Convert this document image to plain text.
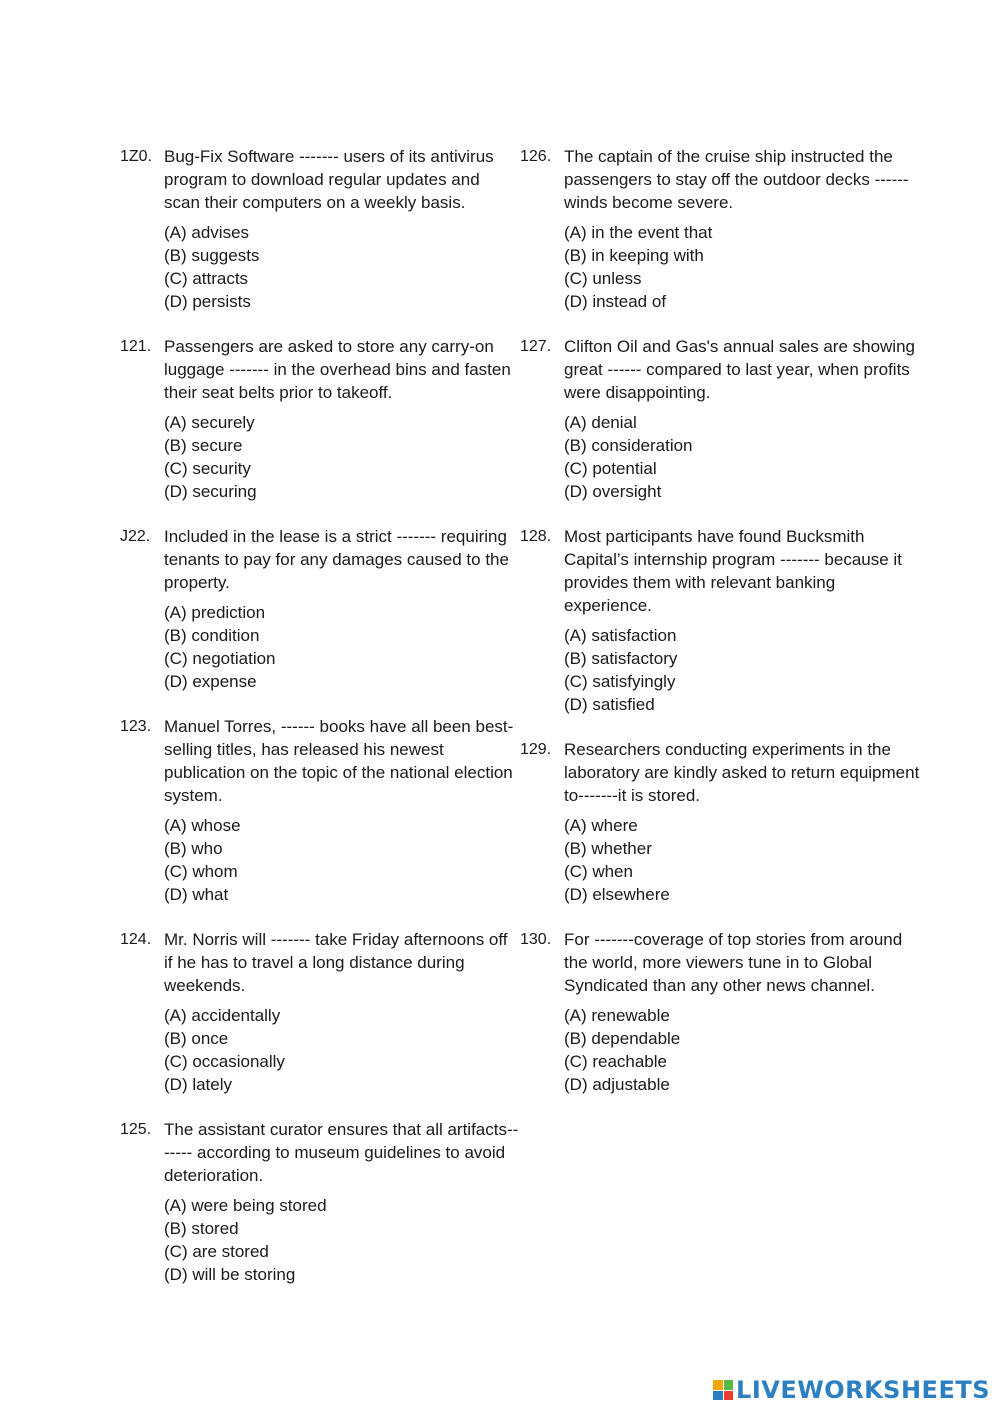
1Z0. Bug-Fix Software ------- users of its antivirus program to download regular updates and scan their computers on a weekly basis.
(A) advises
(B) suggests
(C) attracts
(D) persists
121. Passengers are asked to store any carry-on luggage ------- in the overhead bins and fasten their seat belts prior to takeoff.
(A) securely
(B) secure
(C) security
(D) securing
J22. Included in the lease is a strict ------- requiring tenants to pay for any damages caused to the property.
(A) prediction
(B) condition
(C) negotiation
(D) expense
123. Manuel Torres, ------ books have all been best-selling titles, has released his newest publication on the topic of the national election system.
(A) whose
(B) who
(C) whom
(D) what
124. Mr. Norris will ------- take Friday afternoons off if he has to travel a long distance during weekends.
(A) accidentally
(B) once
(C) occasionally
(D) lately
125. The assistant curator ensures that all artifacts------- according to museum guidelines to avoid deterioration.
(A) were being stored
(B) stored
(C) are stored
(D) will be storing
126. The captain of the cruise ship instructed the passengers to stay off the outdoor decks ------ winds become severe.
(A) in the event that
(B) in keeping with
(C) unless
(D) instead of
127. Clifton Oil and Gas's annual sales are showing great ------ compared to last year, when profits were disappointing.
(A) denial
(B) consideration
(C) potential
(D) oversight
128. Most participants have found Bucksmith Capital’s internship program ------- because it provides them with relevant banking experience.
(A) satisfaction
(B) satisfactory
(C) satisfyingly
(D) satisfied
129. Researchers conducting experiments in the laboratory are kindly asked to return equipment to-------it is stored.
(A) where
(B) whether
(C) when
(D) elsewhere
130. For -------coverage of top stories from around the world, more viewers tune in to Global Syndicated than any other news channel.
(A) renewable
(B) dependable
(C) reachable
(D) adjustable
LIVEWORKSHEETS
